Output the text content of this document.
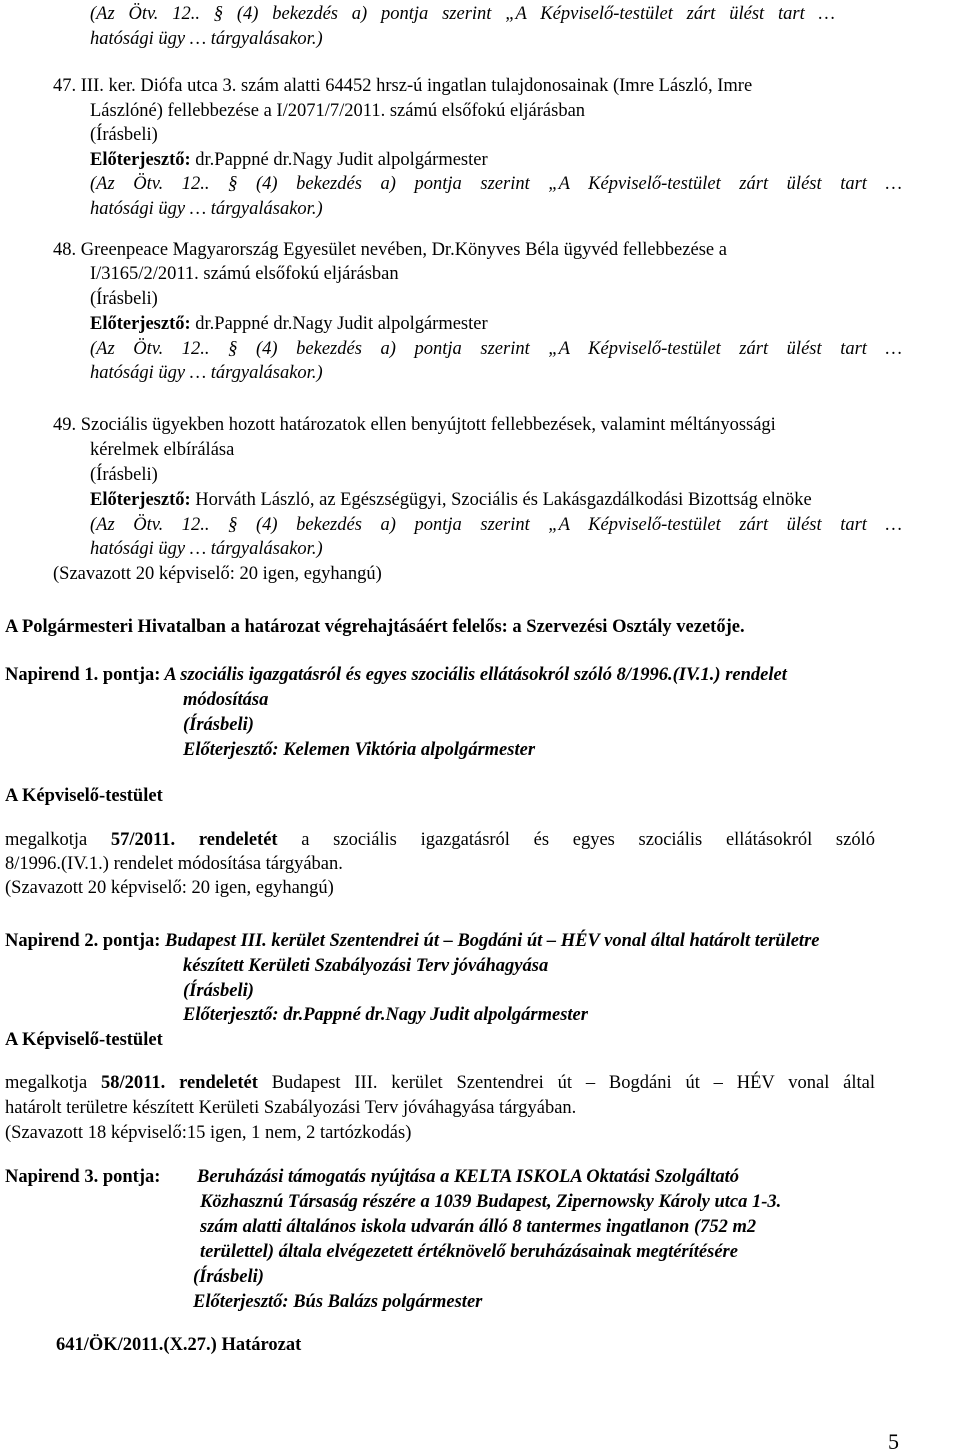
(Az Ötv. 12.. § (4) bekezdés a) pontja szerint „A Képviselő-testület zárt ülést tart …
hatósági ügy … tárgyalásakor.)
47. III. ker. Diófa utca 3. szám alatti 64452 hrsz-ú ingatlan tulajdonosainak (Imre László, Imre
Lászlóné) fellebbezése a I/2071/7/2011. számú elsőfokú eljárásban
(Írásbeli)
Előterjesztő: dr.Pappné dr.Nagy Judit alpolgármester
(Az Ötv. 12.. § (4) bekezdés a) pontja szerint „A Képviselő-testület zárt ülést tart …
hatósági ügy … tárgyalásakor.)
48. Greenpeace Magyarország Egyesület nevében, Dr.Könyves Béla ügyvéd fellebbezése a
I/3165/2/2011. számú elsőfokú eljárásban
(Írásbeli)
Előterjesztő: dr.Pappné dr.Nagy Judit alpolgármester
(Az Ötv. 12.. § (4) bekezdés a) pontja szerint „A Képviselő-testület zárt ülést tart …
hatósági ügy … tárgyalásakor.)
49. Szociális ügyekben hozott határozatok ellen benyújtott fellebbezések, valamint méltányossági
kérelmek elbírálása
(Írásbeli)
Előterjesztő: Horváth László, az Egészségügyi, Szociális és Lakásgazdálkodási Bizottság elnöke
(Az Ötv. 12.. § (4) bekezdés a) pontja szerint „A Képviselő-testület zárt ülést tart …
hatósági ügy … tárgyalásakor.)
(Szavazott 20 képviselő: 20 igen, egyhangú)
A Polgármesteri Hivatalban a határozat végrehajtásáért felelős: a Szervezési Osztály vezetője.
Napirend 1. pontja: A szociális igazgatásról és egyes szociális ellátásokról szóló 8/1996.(IV.1.) rendelet
módosítása
(Írásbeli)
Előterjesztő: Kelemen Viktória alpolgármester
A Képviselő-testület
megalkotja 57/2011. rendeletét a szociális igazgatásról és egyes szociális ellátásokról szóló
8/1996.(IV.1.) rendelet módosítása tárgyában.
(Szavazott 20 képviselő: 20 igen, egyhangú)
Napirend 2. pontja: Budapest III. kerület Szentendrei út – Bogdáni út – HÉV vonal által határolt területre
készített Kerületi Szabályozási Terv jóváhagyása
(Írásbeli)
Előterjesztő: dr.Pappné dr.Nagy Judit alpolgármester
A Képviselő-testület
megalkotja 58/2011. rendeletét Budapest III. kerület Szentendrei út – Bogdáni út – HÉV vonal által
határolt területre készített Kerületi Szabályozási Terv jóváhagyása tárgyában.
(Szavazott 18 képviselő:15 igen, 1 nem, 2 tartózkodás)
Napirend 3. pontja: Beruházási támogatás nyújtása a KELTA ISKOLA Oktatási Szolgáltató
Közhasznú Társaság részére a 1039 Budapest, Zipernowsky Károly utca 1-3.
szám alatti általános iskola udvarán álló 8 tantermes ingatlanon (752 m2
területtel) általa elvégezetett értéknövelő beruházásainak megtérítésére
(Írásbeli)
Előterjesztő: Bús Balázs polgármester
641/ÖK/2011.(X.27.) Határozat
5
